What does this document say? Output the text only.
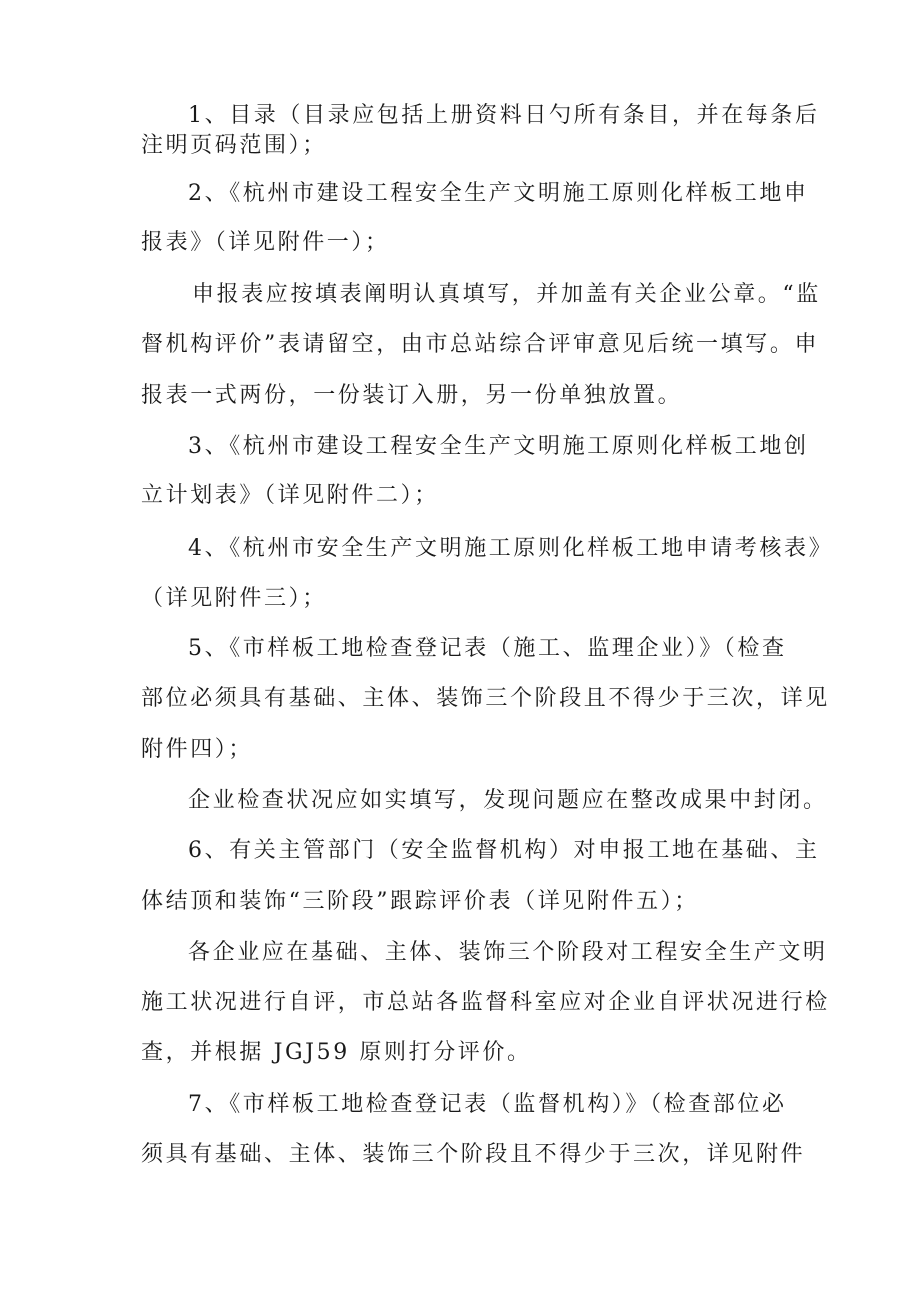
1、目录（目录应包括上册资料日勺所有条目，并在每条后
注明页码范围）；
2、《杭州市建设工程安全生产文明施工原则化样板工地申
报表》（详见附件一）；
申报表应按填表阐明认真填写，并加盖有关企业公章。“监
督机构评价”表请留空，由市总站综合评审意见后统一填写。申
报表一式两份，一份装订入册，另一份单独放置。
3、《杭州市建设工程安全生产文明施工原则化样板工地创
立计划表》（详见附件二）；
4、《杭州市安全生产文明施工原则化样板工地申请考核表》
（详见附件三）；
5、《市样板工地检查登记表（施工、监理企业）》（检查
部位必须具有基础、主体、装饰三个阶段且不得少于三次，详见
附件四）；
企业检查状况应如实填写，发现问题应在整改成果中封闭。
6、有关主管部门（安全监督机构）对申报工地在基础、主
体结顶和装饰“三阶段”跟踪评价表（详见附件五）；
各企业应在基础、主体、装饰三个阶段对工程安全生产文明
施工状况进行自评，市总站各监督科室应对企业自评状况进行检
查，并根据 JGJ59 原则打分评价。
7、《市样板工地检查登记表（监督机构）》（检查部位必
须具有基础、主体、装饰三个阶段且不得少于三次，详见附件
